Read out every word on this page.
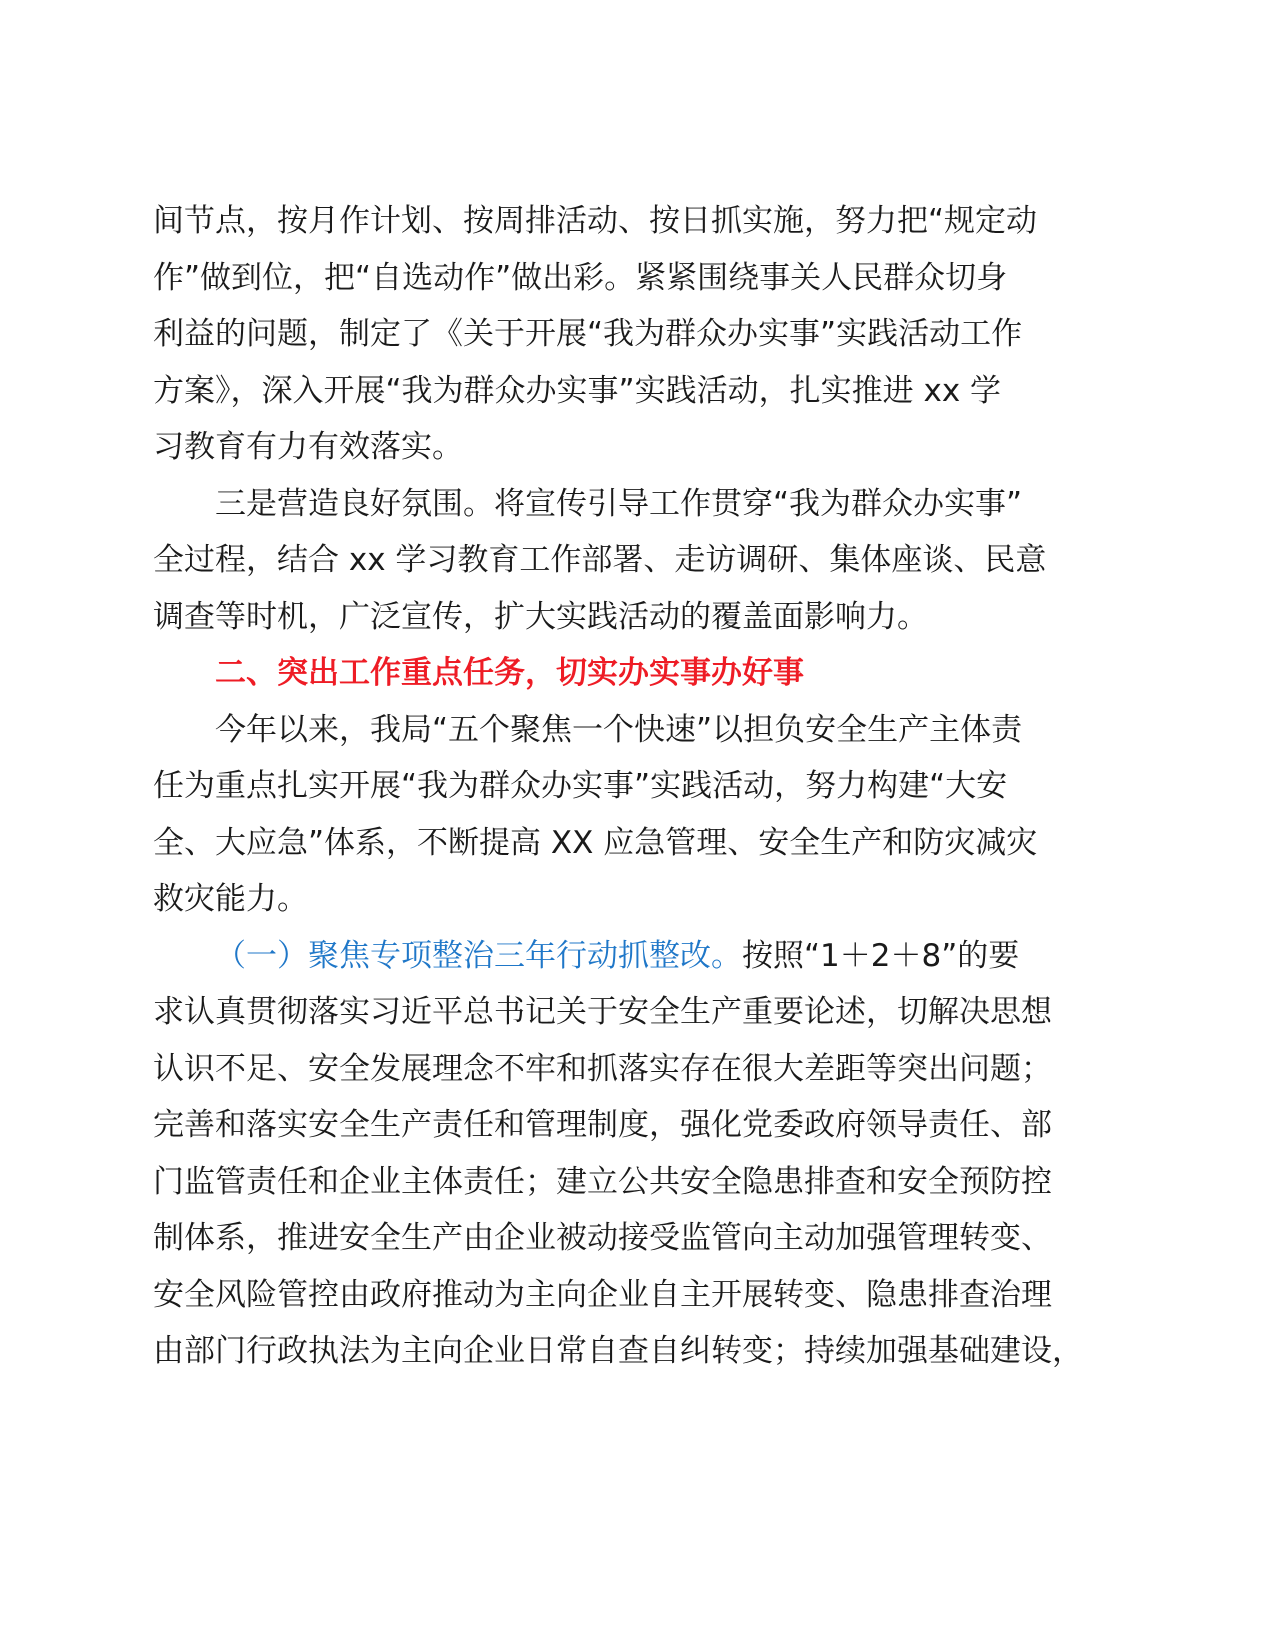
间节点，按月作计划、按周排活动、按日抓实施，努力把“规定动
作”做到位，把“自选动作”做出彩。紧紧围绕事关人民群众切身
利益的问题，制定了《关于开展“我为群众办实事”实践活动工作
方案》，深入开展“我为群众办实事”实践活动，扎实推进 xx 学
习教育有力有效落实。
三是营造良好氛围。将宣传引导工作贯穿“我为群众办实事”
全过程，结合 xx 学习教育工作部署、走访调研、集体座谈、民意
调查等时机，广泛宣传，扩大实践活动的覆盖面影响力。
二、突出工作重点任务，切实办实事办好事
今年以来，我局“五个聚焦一个快速”以担负安全生产主体责
任为重点扎实开展“我为群众办实事”实践活动，努力构建“大安
全、大应急”体系，不断提高 XX 应急管理、安全生产和防灾减灾
救灾能力。
（一）聚焦专项整治三年行动抓整改。按照“1＋2＋8”的要
求认真贯彻落实习近平总书记关于安全生产重要论述，切解决思想
认识不足、安全发展理念不牢和抓落实存在很大差距等突出问题；
完善和落实安全生产责任和管理制度，强化党委政府领导责任、部
门监管责任和企业主体责任；建立公共安全隐患排查和安全预防控
制体系，推进安全生产由企业被动接受监管向主动加强管理转变、
安全风险管控由政府推动为主向企业自主开展转变、隐患排查治理
由部门行政执法为主向企业日常自查自纠转变；持续加强基础建设，
